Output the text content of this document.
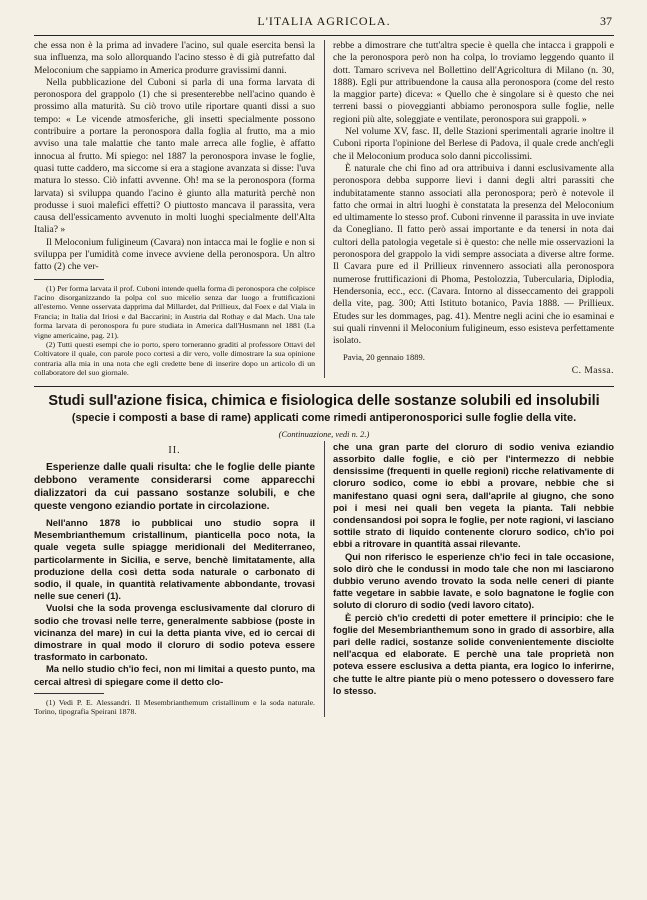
L'ITALIA AGRICOLA.	37

che essa non è la prima ad invadere l'acino, sul quale esercita bensì la sua influenza, ma solo allorquando l'acino stesso è di già putrefatto dal Meloconium che sappiamo in America produrre gravissimi danni.

Nella pubblicazione del Cuboni si parla di una forma larvata di peronospora del grappolo (1) che si presenterebbe nell'acino quando è prossimo alla maturità. Su ciò trovo utile riportare quanti dissi a suo tempo: « Le vicende atmosferiche, gli insetti specialmente possono contribuire a portare la peronospora dalla foglia al frutto, ma a mio avviso una tale malattie che tanto male arreca alle foglie, è affatto innocua al frutto. Mi spiego: nel 1887 la peronospora invase le foglie, quasi tutte caddero, ma siccome si era a stagione avanzata si disse: l'uva matura lo stesso. Ciò infatti avvenne. Oh! ma se la peronospora (forma larvata) si sviluppa quando l'acino è giunto alla maturità perchè non produsse i suoi malefici effetti? O piuttosto mancava il parassita, vera causa dell'essicamento avvenuto in molti luoghi specialmente dell'Alta Italia? »

Il Meloconium fuligineum (Cavara) non intacca mai le foglie e non si sviluppa per l'umidità come invece avviene della peronospora. Un altro fatto (2) che ver-

(1) Per forma larvata il prof. Cuboni intende quella forma di peronospora che colpisce l'acino disorganizzando la polpa col suo micelio senza dar luogo a fruttificazioni all'esterno. Venne osservata dapprima dal Millardet, dal Prillieux, dal Foex e dal Viala in Francia; in Italia dal Iriosi e dal Baccarini; in Austria dal Rothay e dal Mach. Una tale forma larvata di peronospora fu pure studiata in America dall'Husmann nel 1881 (La vigne americaine, pag. 21).

(2) Tutti questi esempi che io porto, spero torneranno graditi al professore Ottavi del Coltivatore il quale, con parole poco cortesi a dir vero, volle dimostrare la sua opinione contraria alla mia in una nota che egli credette bene di inserire dopo un articolo di un collaboratore del suo giornale.

rebbe a dimostrare che tutt'altra specie è quella che intacca i grappoli e che la peronospora però non ha colpa, lo troviamo leggendo quanto il dott. Tamaro scriveva nel Bollettino dell'Agricoltura di Milano (n. 30, 1888). Egli pur attribuendone la causa alla peronospora (come del resto la maggior parte) diceva: « Quello che è singolare si è questo che nei terreni bassi o pioveggianti abbiamo peronospora sulle foglie, nelle regioni più alte, soleggiate e ventilate, peronospora sui grappoli. »

Nel volume XV, fasc. II, delle Stazioni sperimentali agrarie inoltre il Cuboni riporta l'opinione del Berlese di Padova, il quale crede anch'egli che il Meloconium produca solo danni piccolissimi.

È naturale che chi fino ad ora attribuiva i danni esclusivamente alla peronospora debba supporre lievi i danni degli altri parassiti che indubitatamente stanno associati alla peronospora; però è notevole il fatto che ormai in altri luoghi è constatata la presenza del Meloconium ed ultimamente lo stesso prof. Cuboni rinvenne il parassita in uve inviate da Conegliano. Il fatto però assai importante e da tenersi in nota dai cultori della patologia vegetale si è questo: che nelle mie osservazioni la peronospora del grappolo la vidi sempre associata a diverse altre forme. Il Cavara pure ed il Prillieux rinvennero associati alla peronospora numerose fruttificazioni di Phoma, Pestolozzia, Tubercularia, Diplodia, Hendersonia, ecc., ecc. (Cavara. Intorno al disseccamento dei grappoli della vite, pag. 300; Atti Istituto botanico, Pavia 1888. — Prillieux. Etudes sur les dommages, pag. 41). Mentre negli acini che io esaminai e sui quali rinvenni il Meloconium fuligineum, esso esisteva perfettamente isolato.

Pavia, 20 gennaio 1889.
C. Massa.
Studi sull'azione fisica, chimica e fisiologica delle sostanze solubili ed insolubili
(specie i composti a base di rame) applicati come rimedi antiperonosporici sulle foglie della vite.
(Continuazione, vedi n. 2.)
II.

Esperienze dalle quali risulta: che le foglie delle piante debbono veramente considerarsi come apparecchi dializzatori da cui passano sostanze solubili, e che queste vengono eziandio portate in circolazione.

Nell'anno 1878 io pubblicai uno studio sopra il Mesembrianthemum cristallinum, pianticella poco nota, la quale vegeta sulle spiagge meridionali del Mediterraneo, particolarmente in Sicilia, e serve, benchè limitatamente, alla produzione della così detta soda naturale o carbonato di sodio, il quale, in quantità relativamente abbondante, trovasi nelle sue ceneri (1).

Vuolsi che la soda provenga esclusivamente dal cloruro di sodio che trovasi nelle terre, generalmente sabbiose (poste in vicinanza del mare) in cui la detta pianta vive, ed io cercai di dimostrare in qual modo il cloruro di sodio poteva essere trasformato in carbonato.

Ma nello studio ch'io feci, non mi limitai a questo punto, ma cercai altresì di spiegare come il detto clo-

(1) Vedi P. E. Alessandri. Il Mesembrianthemum cristallinum e la soda naturale. Torino, tipografia Speirani 1878.

che una gran parte del cloruro di sodio veniva eziandio assorbito dalle foglie, e ciò per l'intermezzo di nebbie densissime (frequenti in quelle regioni) ricche relativamente di cloruro sodico, come io ebbi a provare, nebbie che si manifestano quasi ogni sera, dall'aprile al giugno, che sono poi i mesi nei quali ben vegeta la pianta. Tali nebbie condensandosi poi sopra le foglie, per note ragioni, vi lasciano sottile strato di liquido contenente cloruro sodico, ch'io poi ebbi a ritrovare in quantità assai rilevante.

Qui non riferisco le esperienze ch'io feci in tale occasione, solo dirò che le condussi in modo tale che non mi lasciarono dubbio veruno avendo trovato la soda nelle ceneri di piante fatte vegetare in sabbie lavate, e solo bagnatone le foglie con soluto di cloruro di sodio (vedi lavoro citato).

È perciò ch'io credetti di poter emettere il principio: che le foglie del Mesembrianthemum sono in grado di assorbire, alla pari delle radici, sostanze solide convenientemente disciolte nell'acqua ed elaborate. E perchè una tale proprietà non poteva essere esclusiva a detta pianta, era logico lo inferirne, che tutte le altre piante più o meno potessero o dovessero fare lo stesso.
